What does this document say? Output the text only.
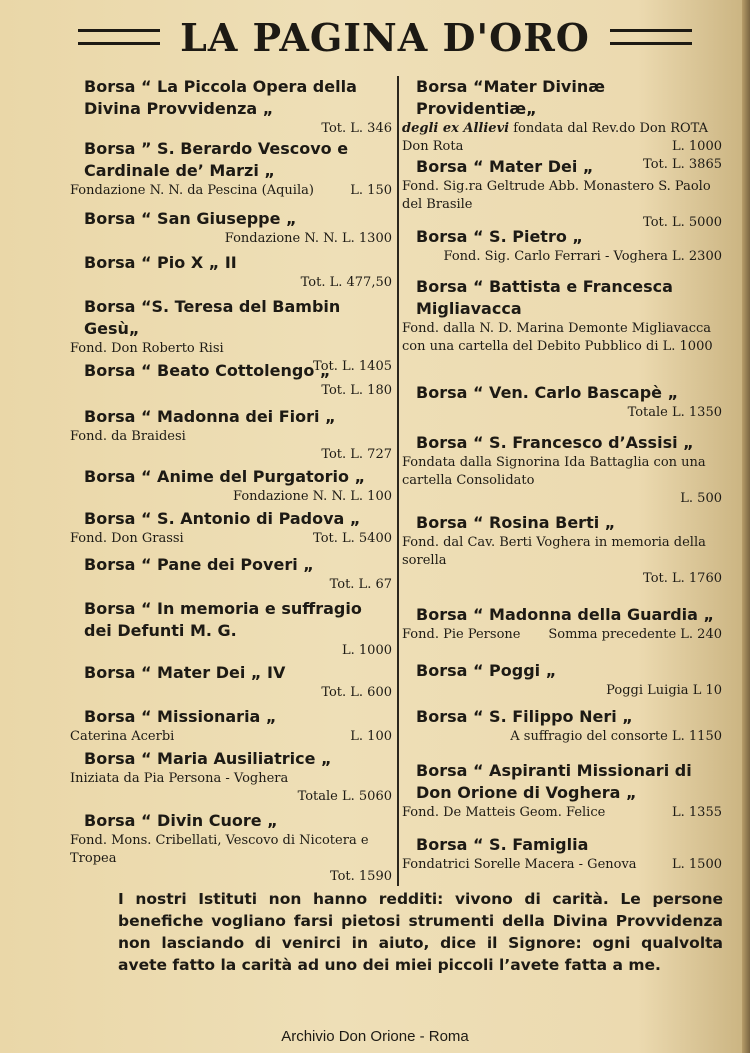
LA PAGINA D'ORO
Borsa “ La Piccola Opera della Divina Provvidenza „
Tot. L. 346
Borsa ” S. Berardo Vescovo e Cardinale de’ Marzi „
Fondazione N. N. da Pescina (Aquila)	L. 150
Borsa “ San Giuseppe „
Fondazione N. N. L. 1300
Borsa “ Pio X „ II
Tot. L. 477,50
Borsa “S. Teresa del Bambin Gesù„
Fond. Don Roberto Risi
Tot. L. 1405
Borsa “ Beato Cottolengo „
Tot. L. 180
Borsa “ Madonna dei Fiori „
Fond. da Braidesi
Tot. L. 727
Borsa “ Anime del Purgatorio „
Fondazione N. N. L. 100
Borsa “ S. Antonio di Padova „
Fond. Don Grassi	Tot. L. 5400
Borsa “ Pane dei Poveri „
Tot. L. 67
Borsa “ In memoria e suffragio dei Defunti M. G.
L. 1000
Borsa “ Mater Dei „ IV
Tot. L. 600
Borsa “ Missionaria „
Caterina Acerbi	L. 100
Borsa “ Maria Ausiliatrice „
Iniziata da Pia Persona - Voghera
Totale L. 5060
Borsa “ Divin Cuore „
Fond. Mons. Cribellati, Vescovo di Nicotera e Tropea
Tot. 1590
Borsa “Mater Divinæ Providentiæ„
degli ex Allievi fondata dal Rev.do Don ROTA
Don Rota	L. 1000
Tot. L. 3865
Borsa “ Mater Dei „
Fond. Sig.ra Geltrude Abb. Monastero S. Paolo del Brasile
Tot. L. 5000
Borsa “ S. Pietro „
Fond. Sig. Carlo Ferrari - Voghera L. 2300
Borsa “ Battista e Francesca Migliavacca
Fond. dalla N. D. Marina Demonte Migliavacca con una cartella del Debito Pubblico di L. 1000
Borsa “ Ven. Carlo Bascapè „
Totale L. 1350
Borsa “ S. Francesco d’Assisi „
Fondata dalla Signorina Ida Battaglia con una cartella Consolidato
L. 500
Borsa “ Rosina Berti „
Fond. dal Cav. Berti Voghera in memoria della sorella
Tot. L. 1760
Borsa “ Madonna della Guardia „
Fond. Pie Persone Somma precedente L. 240
Borsa “ Poggi „
Poggi Luigia L 10
Borsa “ S. Filippo Neri „
A suffragio del consorte L. 1150
Borsa “ Aspiranti Missionari di Don Orione di Voghera „
Fond. De Matteis Geom. Felice	L. 1355
Borsa “ S. Famiglia
Fondatrici Sorelle Macera - Genova	L. 1500
I nostri Istituti non hanno redditi: vivono di carità. Le persone benefiche vogliano farsi pietosi strumenti della Divina Provvidenza non lasciando di venirci in aiuto, dice il Signore: ogni qualvolta avete fatto la carità ad uno dei miei piccoli l’avete fatta a me.
Archivio Don Orione - Roma
